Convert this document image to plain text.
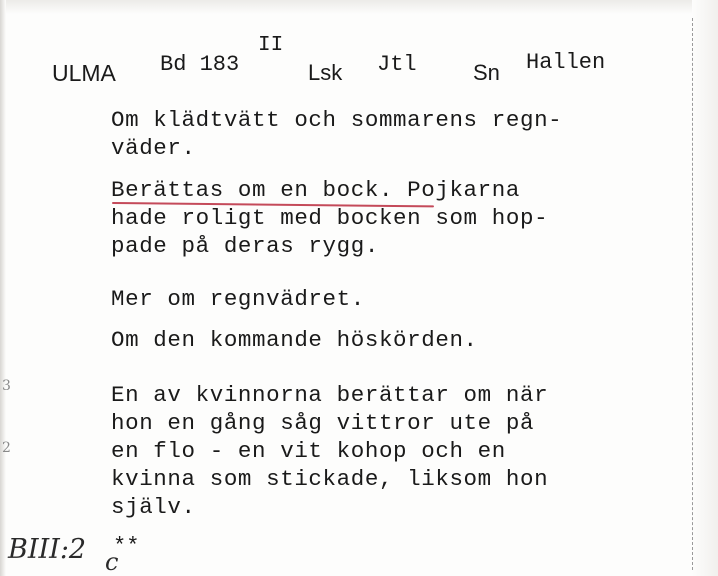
ULMA Bd 183
II
Lsk Jtl	Sn Hallen
Om klädtvätt och sommarens regn-
väder.
Berättas om en bock. Pojkarna
hade roligt med bocken som hop-
pade på deras rygg.
Mer om regnvädret.
Om den kommande höskörden.
En av kvinnorna berättar om när
hon en gång såg vittror ute på
en flo - en vit kohop och en
kvinna som stickade, liksom hon
själv.
3
2
BIII:2 c
**
